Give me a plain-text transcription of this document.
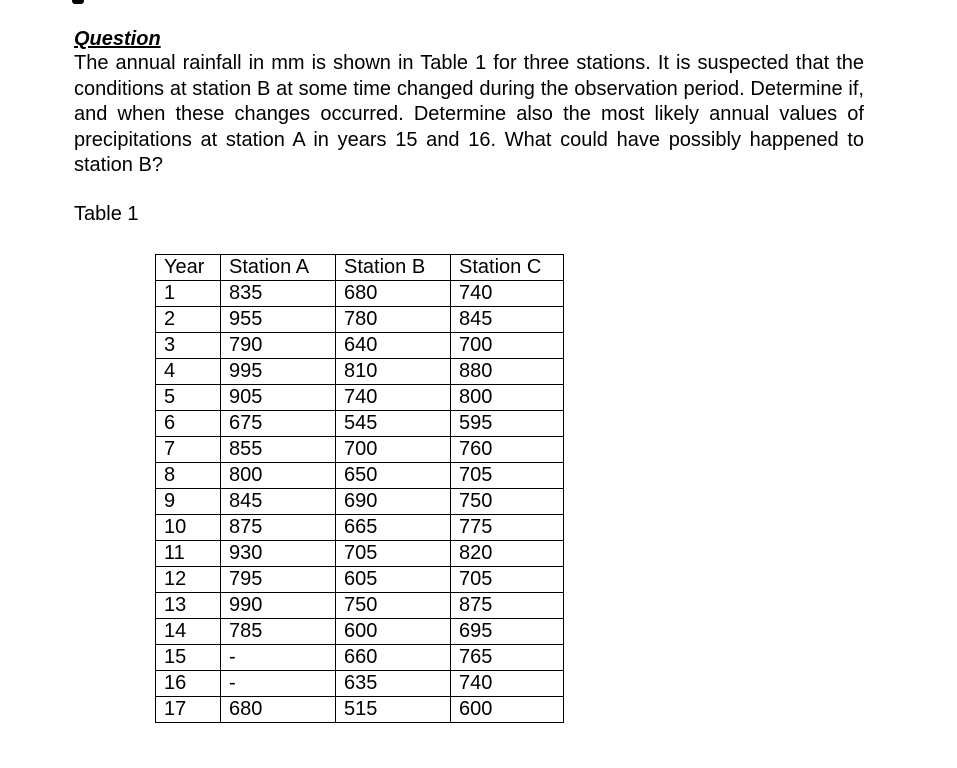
Question

The annual rainfall in mm is shown in Table 1 for three stations. It is suspected that the conditions at station B at some time changed during the observation period. Determine if, and when these changes occurred. Determine also the most likely annual values of precipitations at station A in years 15 and 16. What could have possibly happened to station B?

Table 1
Year	Station A	Station B	Station C
1	835	680	740
2	955	780	845
3	790	640	700
4	995	810	880
5	905	740	800
6	675	545	595
7	855	700	760
8	800	650	705
9	845	690	750
10	875	665	775
11	930	705	820
12	795	605	705
13	990	750	875
14	785	600	695
15	-	660	765
16	-	635	740
17	680	515	600
